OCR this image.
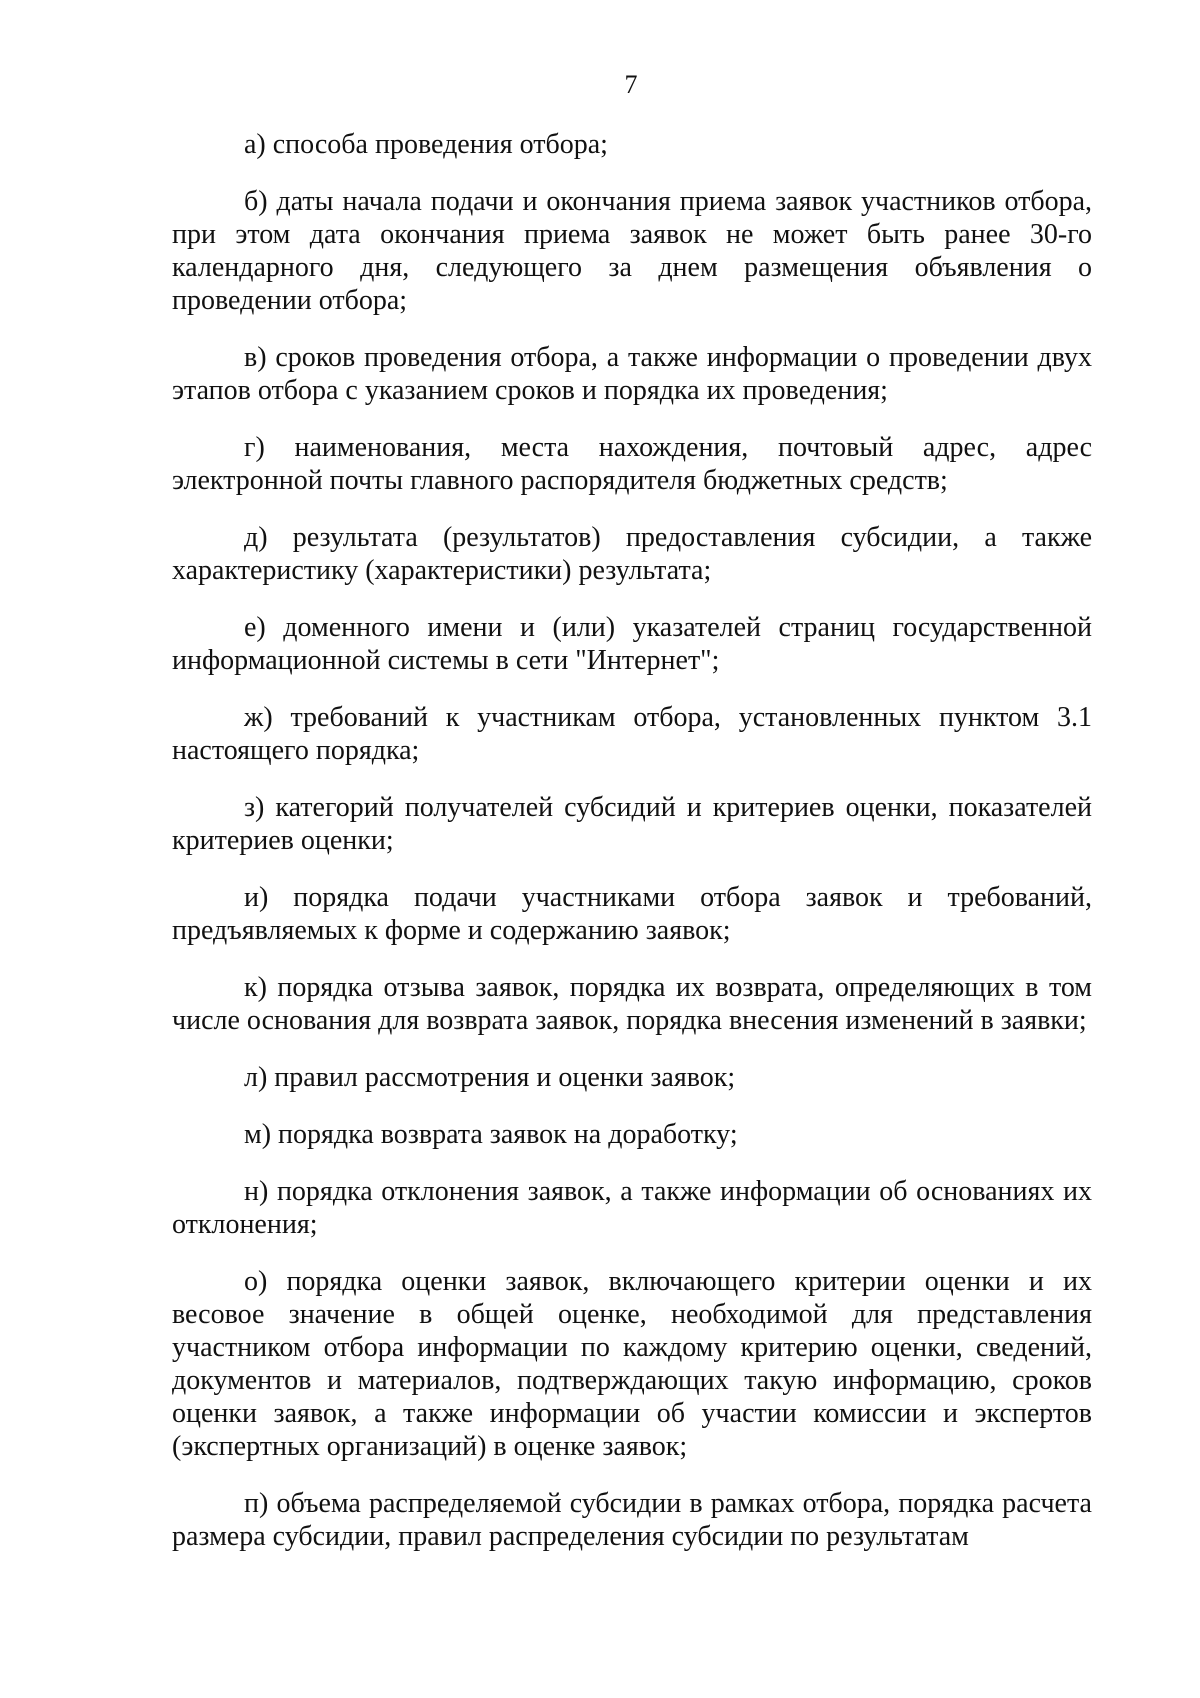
7

а) способа проведения отбора;

б) даты начала подачи и окончания приема заявок участников отбора, при этом дата окончания приема заявок не может быть ранее 30-го календарного дня, следующего за днем размещения объявления о проведении отбора;

в) сроков проведения отбора, а также информации о проведении двух этапов отбора с указанием сроков и порядка их проведения;

г) наименования, места нахождения, почтовый адрес, адрес электронной почты главного распорядителя бюджетных средств;

д) результата (результатов) предоставления субсидии, а также характеристику (характеристики) результата;

е) доменного имени и (или) указателей страниц государственной информационной системы в сети "Интернет";

ж) требований к участникам отбора, установленных пунктом 3.1 настоящего порядка;

з) категорий получателей субсидий и критериев оценки, показателей критериев оценки;

и) порядка подачи участниками отбора заявок и требований, предъявляемых к форме и содержанию заявок;

к) порядка отзыва заявок, порядка их возврата, определяющих в том числе основания для возврата заявок, порядка внесения изменений в заявки;

л) правил рассмотрения и оценки заявок;

м) порядка возврата заявок на доработку;

н) порядка отклонения заявок, а также информации об основаниях их отклонения;

о) порядка оценки заявок, включающего критерии оценки и их весовое значение в общей оценке, необходимой для представления участником отбора информации по каждому критерию оценки, сведений, документов и материалов, подтверждающих такую информацию, сроков оценки заявок, а также информации об участии комиссии и экспертов (экспертных организаций) в оценке заявок;

п) объема распределяемой субсидии в рамках отбора, порядка расчета размера субсидии, правил распределения субсидии по результатам
